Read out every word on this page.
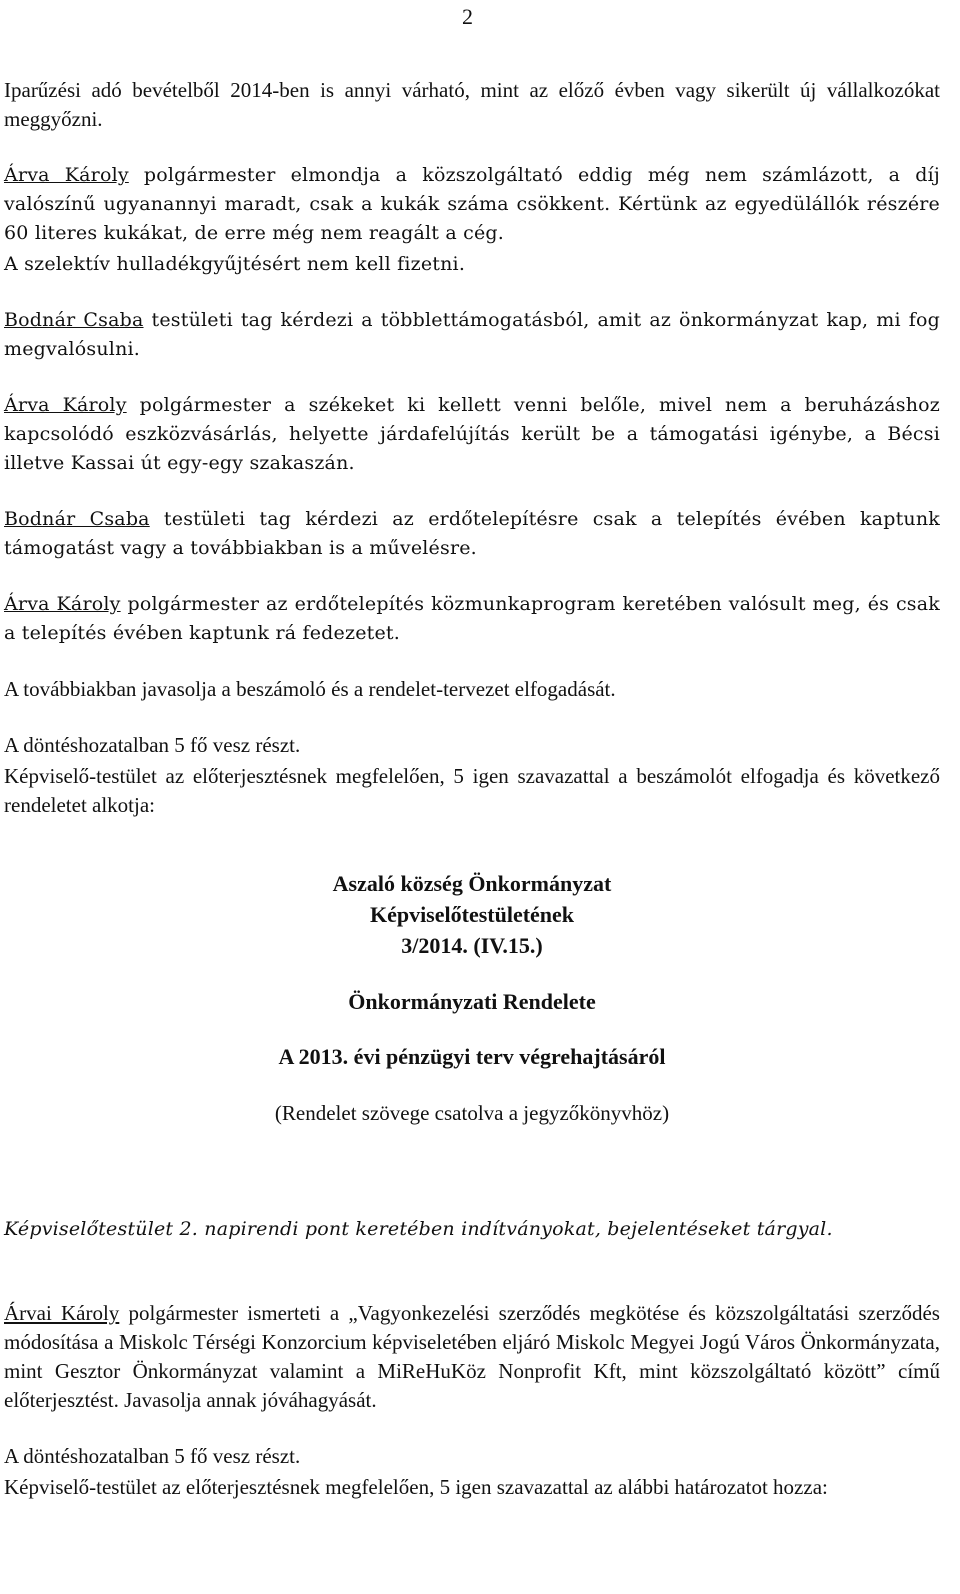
2

Iparűzési adó bevételből 2014-ben is annyi várható, mint az előző évben vagy sikerült új vállalkozókat meggyőzni.

Árva Károly polgármester elmondja a közszolgáltató eddig még nem számlázott, a díj valószínű ugyanannyi maradt, csak a kukák száma csökkent. Kértünk az egyedülállók részére 60 literes kukákat, de erre még nem reagált a cég.

A szelektív hulladékgyűjtésért nem kell fizetni.

Bodnár Csaba testületi tag kérdezi a többlettámogatásból, amit az önkormányzat kap, mi fog megvalósulni.

Árva Károly polgármester a székeket ki kellett venni belőle, mivel nem a beruházáshoz kapcsolódó eszközvásárlás, helyette járdafelújítás került be a támogatási igénybe, a Bécsi illetve Kassai út egy-egy szakaszán.

Bodnár Csaba testületi tag kérdezi az erdőtelepítésre csak a telepítés évében kaptunk támogatást vagy a továbbiakban is a művelésre.

Árva Károly polgármester az erdőtelepítés közmunkaprogram keretében valósult meg, és csak a telepítés évében kaptunk rá fedezetet.

A továbbiakban javasolja a beszámoló és a rendelet-tervezet elfogadását.

A döntéshozatalban 5 fő vesz részt.

Képviselő-testület az előterjesztésnek megfelelően, 5 igen szavazattal a beszámolót elfogadja és következő rendeletet alkotja:

Aszaló község Önkormányzat

Képviselőtestületének

3/2014. (IV.15.)

Önkormányzati Rendelete

A 2013. évi pénzügyi terv végrehajtásáról

(Rendelet szövege csatolva a jegyzőkönyvhöz)

Képviselőtestület 2. napirendi pont keretében indítványokat, bejelentéseket tárgyal.

Árvai Károly polgármester ismerteti a „Vagyonkezelési szerződés megkötése és közszolgáltatási szerződés módosítása a Miskolc Térségi Konzorcium képviseletében eljáró Miskolc Megyei Jogú Város Önkormányzata, mint Gesztor Önkormányzat valamint a MiReHuKöz Nonprofit Kft, mint közszolgáltató között” című előterjesztést. Javasolja annak jóváhagyását.

A döntéshozatalban 5 fő vesz részt.

Képviselő-testület az előterjesztésnek megfelelően, 5 igen szavazattal az alábbi határozatot hozza:
